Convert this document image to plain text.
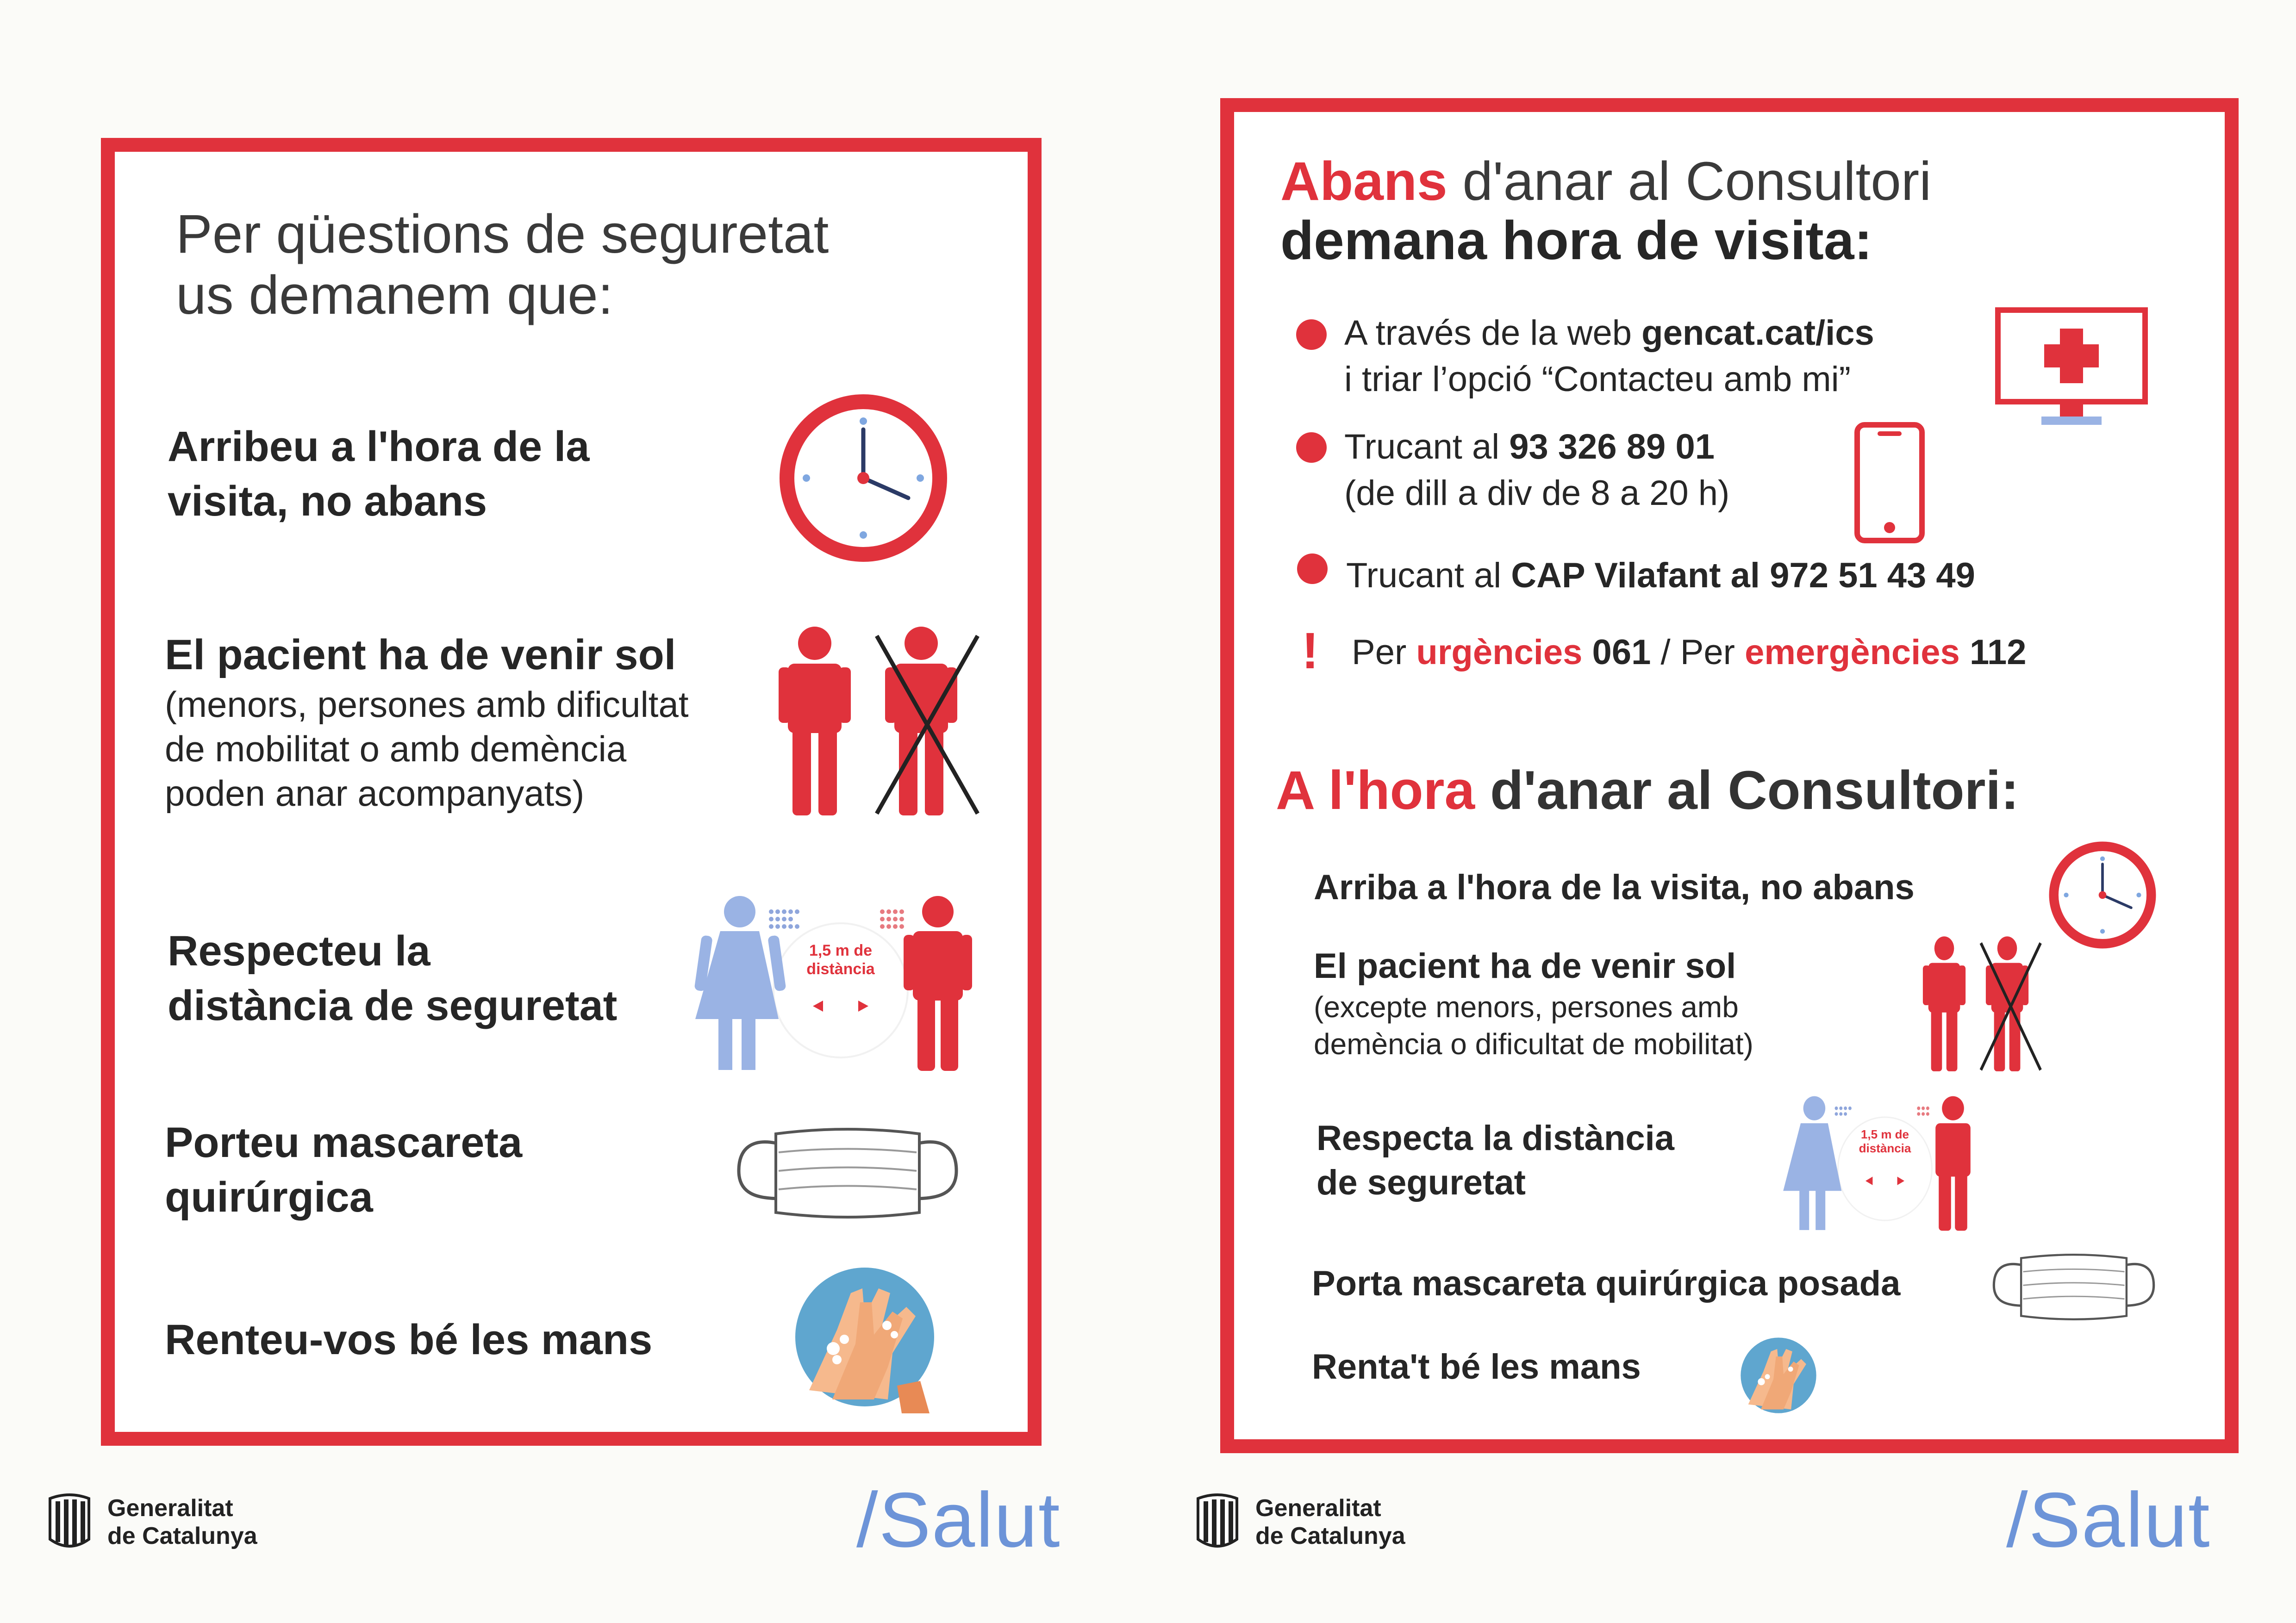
Per qüestions de seguretat
us demanem que:
Arribeu a l'hora de la
visita, no abans
El pacient ha de venir sol
(menors, persones amb dificultat
de mobilitat o amb demència
poden anar acompanyats)
Respecteu la
distància de seguretat
1,5 m de
distància
Porteu mascareta
quirúrgica
Renteu-vos bé les mans
Generalitat
de Catalunya	/Salut
Abans d'anar al Consultori
demana hora de visita:
A través de la web gencat.cat/ics
i triar l’opció “Contacteu amb mi”
Trucant al 93 326 89 01
(de dill a div de 8 a 20 h)
Trucant al CAP Vilafant al 972 51 43 49
! Per urgències 061 / Per emergències 112
A l'hora d'anar al Consultori:
Arriba a l'hora de la visita, no abans
El pacient ha de venir sol
(excepte menors, persones amb
demència o dificultat de mobilitat)
Respecta la distància
de seguretat
1,5 m de
distància
Porta mascareta quirúrgica posada
Renta't bé les mans
Generalitat
de Catalunya	/Salut
